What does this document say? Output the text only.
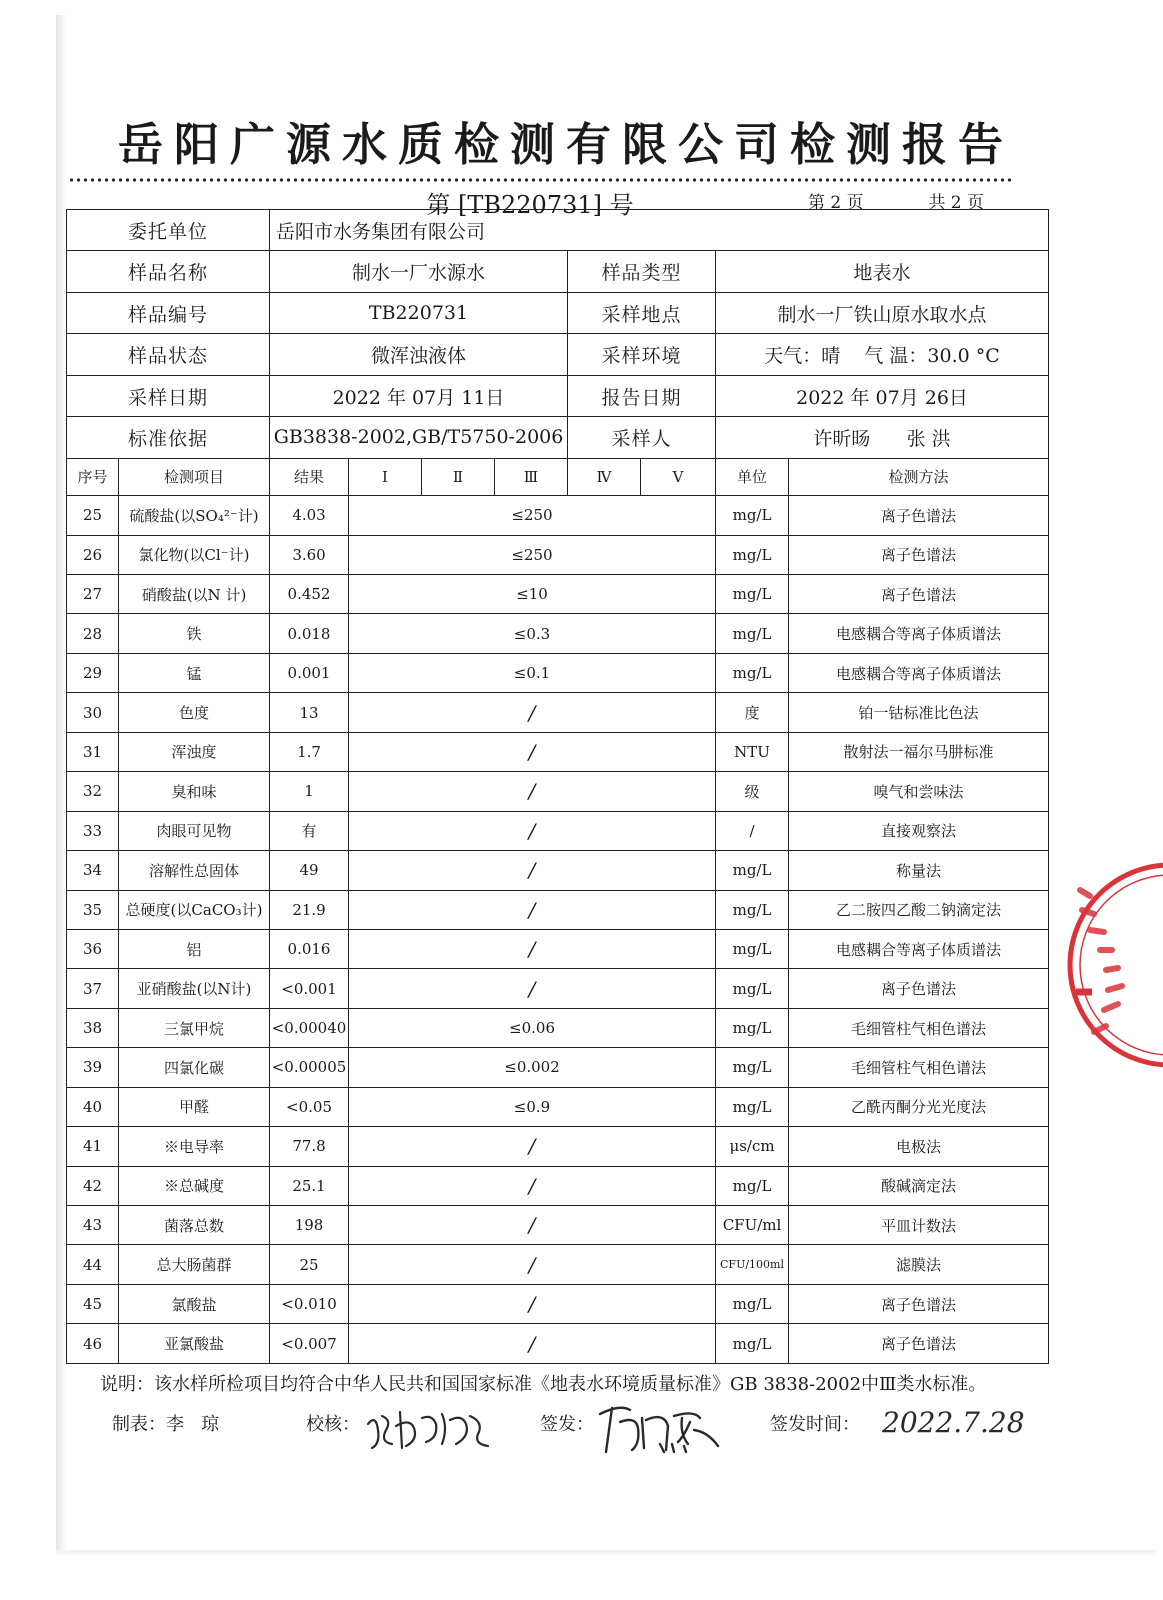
岳阳广源水质检测有限公司检测报告
第 [TB220731] 号	第 2 页	共 2 页
委托单位		岳阳市水务集团有限公司							
样品名称		制水一厂水源水				样品类型		地表水	
样品编号		TB220731				采样地点		制水一厂铁山原水取水点	
样品状态		微浑浊液体				采样环境		天气：晴    气 温：30.0 °C	
采样日期		2022 年 07月 11日				报告日期		2022 年 07月 26日	
标准依据		GB3838-2002,GB/T5750-2006				采样人		许昕旸      张 洪	
序号	检测项目	结果	Ⅰ	Ⅱ	Ⅲ	Ⅳ	Ⅴ	单位	检测方法
25	硫酸盐(以SO₄²⁻计)	4.03	≤250					mg/L	离子色谱法
26	氯化物(以Cl⁻计)	3.60	≤250					mg/L	离子色谱法
27	硝酸盐(以N 计)	0.452	≤10					mg/L	离子色谱法
28	铁	0.018	≤0.3					mg/L	电感耦合等离子体质谱法
29	锰	0.001	≤0.1					mg/L	电感耦合等离子体质谱法
30	色度	13	/					度	铂一钴标准比色法
31	浑浊度	1.7	/					NTU	散射法一福尔马肼标准
32	臭和味	1	/					级	嗅气和尝味法
33	肉眼可见物	有	/					/	直接观察法
34	溶解性总固体	49	/					mg/L	称量法
35	总硬度(以CaCO₃计)	21.9	/					mg/L	乙二胺四乙酸二钠滴定法
36	铝	0.016	/					mg/L	电感耦合等离子体质谱法
37	亚硝酸盐(以N计)	<0.001	/					mg/L	离子色谱法
38	三氯甲烷	<0.00040	≤0.06					mg/L	毛细管柱气相色谱法
39	四氯化碳	<0.00005	≤0.002					mg/L	毛细管柱气相色谱法
40	甲醛	<0.05	≤0.9					mg/L	乙酰丙酮分光光度法
41	※电导率	77.8	/					μs/cm	电极法
42	※总碱度	25.1	/					mg/L	酸碱滴定法
43	菌落总数	198	/					CFU/ml	平皿计数法
44	总大肠菌群	25	/					CFU/100ml	滤膜法
45	氯酸盐	<0.010	/					mg/L	离子色谱法
46	亚氯酸盐	<0.007	/					mg/L	离子色谱法
说明：该水样所检项目均符合中华人民共和国国家标准《地表水环境质量标准》GB 3838-2002中Ⅲ类水标准。
制表：李   琼	校核：	签发：	签发时间： 2022.7.28
